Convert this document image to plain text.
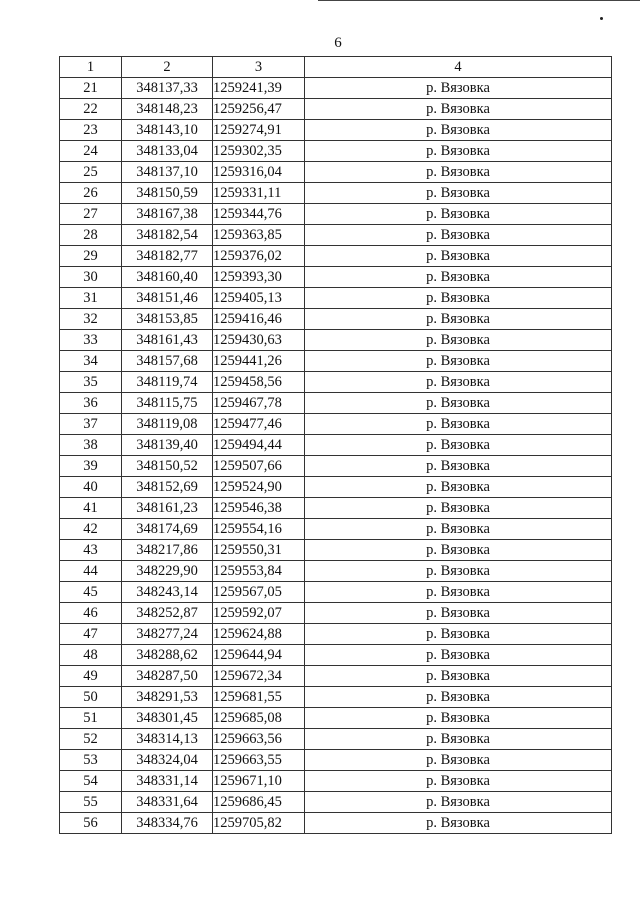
6
1	2	3	4
21	348137,33	1259241,39	р. Вязовка
22	348148,23	1259256,47	р. Вязовка
23	348143,10	1259274,91	р. Вязовка
24	348133,04	1259302,35	р. Вязовка
25	348137,10	1259316,04	р. Вязовка
26	348150,59	1259331,11	р. Вязовка
27	348167,38	1259344,76	р. Вязовка
28	348182,54	1259363,85	р. Вязовка
29	348182,77	1259376,02	р. Вязовка
30	348160,40	1259393,30	р. Вязовка
31	348151,46	1259405,13	р. Вязовка
32	348153,85	1259416,46	р. Вязовка
33	348161,43	1259430,63	р. Вязовка
34	348157,68	1259441,26	р. Вязовка
35	348119,74	1259458,56	р. Вязовка
36	348115,75	1259467,78	р. Вязовка
37	348119,08	1259477,46	р. Вязовка
38	348139,40	1259494,44	р. Вязовка
39	348150,52	1259507,66	р. Вязовка
40	348152,69	1259524,90	р. Вязовка
41	348161,23	1259546,38	р. Вязовка
42	348174,69	1259554,16	р. Вязовка
43	348217,86	1259550,31	р. Вязовка
44	348229,90	1259553,84	р. Вязовка
45	348243,14	1259567,05	р. Вязовка
46	348252,87	1259592,07	р. Вязовка
47	348277,24	1259624,88	р. Вязовка
48	348288,62	1259644,94	р. Вязовка
49	348287,50	1259672,34	р. Вязовка
50	348291,53	1259681,55	р. Вязовка
51	348301,45	1259685,08	р. Вязовка
52	348314,13	1259663,56	р. Вязовка
53	348324,04	1259663,55	р. Вязовка
54	348331,14	1259671,10	р. Вязовка
55	348331,64	1259686,45	р. Вязовка
56	348334,76	1259705,82	р. Вязовка
